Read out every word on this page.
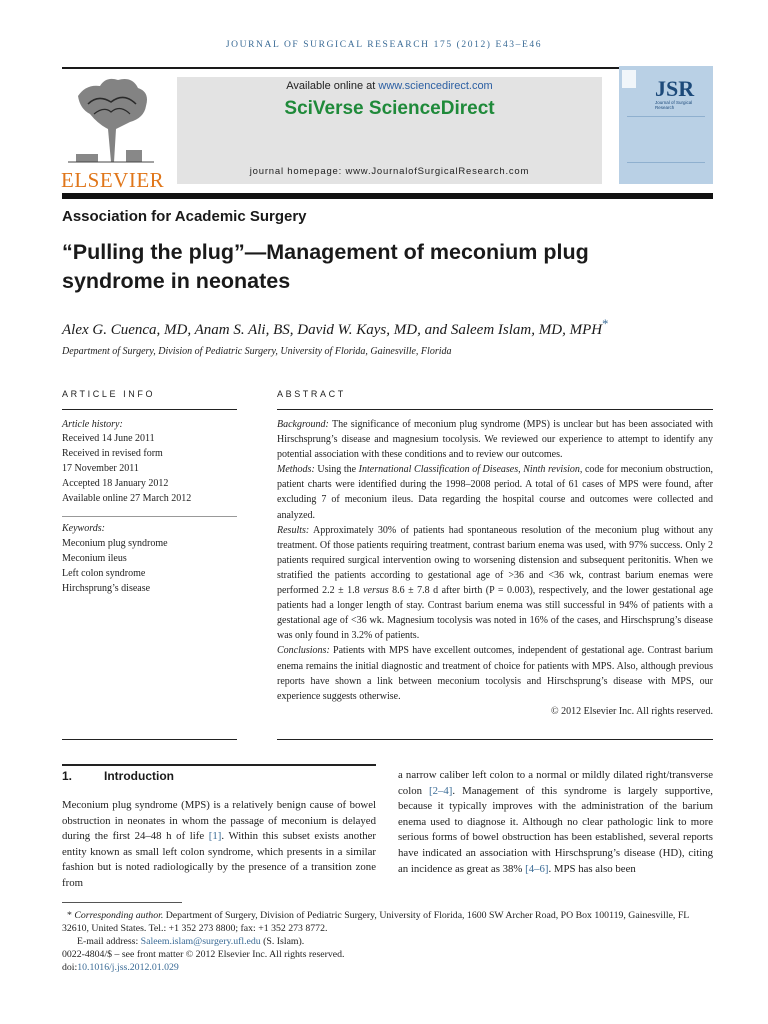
JOURNAL OF SURGICAL RESEARCH 175 (2012) E43–E46
ELSEVIER
Available online at www.sciencedirect.com
SciVerse ScienceDirect
journal homepage: www.JournalofSurgicalResearch.com
JSR
Journal of Surgical Research
Association for Academic Surgery
“Pulling the plug”—Management of meconium plug
syndrome in neonates
Alex G. Cuenca, MD, Anam S. Ali, BS, David W. Kays, MD, and Saleem Islam, MD, MPH*
Department of Surgery, Division of Pediatric Surgery, University of Florida, Gainesville, Florida
ARTICLE INFO
Article history:
Received 14 June 2011
Received in revised form
17 November 2011
Accepted 18 January 2012
Available online 27 March 2012
Keywords:
Meconium plug syndrome
Meconium ileus
Left colon syndrome
Hirchsprung’s disease
ABSTRACT

Background: The significance of meconium plug syndrome (MPS) is unclear but has been associated with Hirschsprung’s disease and magnesium tocolysis. We reviewed our experience to attempt to identify any potential association with these conditions and to review our outcomes.

Methods: Using the International Classification of Diseases, Ninth revision, code for meconium obstruction, patient charts were identified during the 1998–2008 period. A total of 61 cases of MPS were found, after excluding 7 of meconium ileus. Data regarding the hospital course and outcomes were collected and analyzed.

Results: Approximately 30% of patients had spontaneous resolution of the meconium plug without any treatment. Of those patients requiring treatment, contrast barium enema was used, with 97% success. Only 2 patients required surgical intervention owing to worsening distension and subsequent peritonitis. When we stratified the patients according to gestational age of >36 and <36 wk, contrast barium enemas were performed 2.2 ± 1.8 versus 8.6 ± 7.8 d after birth (P = 0.003), respectively, and the lower gestational age patients had a longer length of stay. Contrast barium enema was still successful in 94% of patients with a gestational age of <36 wk. Magnesium tocolysis was noted in 16% of the cases, and Hirschsprung’s disease was only found in 3.2% of patients.

Conclusions: Patients with MPS have excellent outcomes, independent of gestational age. Contrast barium enema remains the initial diagnostic and treatment of choice for patients with MPS. Also, although previous reports have shown a link between meconium tocolysis and Hirschsprung’s disease with MPS, our experience suggests otherwise.

© 2012 Elsevier Inc. All rights reserved.

1.	Introduction

Meconium plug syndrome (MPS) is a relatively benign cause of bowel obstruction in neonates in whom the passage of meconium is delayed during the first 24–48 h of life [1]. Within this subset exists another entity known as small left colon syndrome, which presents in a similar fashion but is noted radiologically by the presence of a transition zone from

a narrow caliber left colon to a normal or mildly dilated right/transverse colon [2–4]. Management of this syndrome is largely supportive, because it typically improves with the administration of the barium enema used to diagnose it. Although no clear pathologic link to more serious forms of bowel obstruction has been established, several reports have indicated an association with Hirschsprung’s disease (HD), citing an incidence as great as 38% [4–6]. MPS has also been

* Corresponding author. Department of Surgery, Division of Pediatric Surgery, University of Florida, 1600 SW Archer Road, PO Box 100119, Gainesville, FL 32610, United States. Tel.: +1 352 273 8800; fax: +1 352 273 8772.
E-mail address: Saleem.islam@surgery.ufl.edu (S. Islam).
0022-4804/$ – see front matter © 2012 Elsevier Inc. All rights reserved.
doi:10.1016/j.jss.2012.01.029
